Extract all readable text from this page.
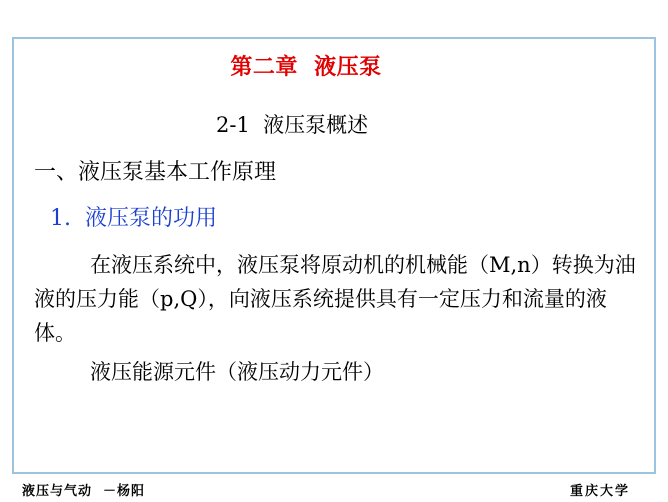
第二章  液压泵
2-1  液压泵概述
一、液压泵基本工作原理
1. 液压泵的功用
在液压系统中，液压泵将原动机的机械能（M,n）转换为油液的压力能（p,Q），向液压系统提供具有一定压力和流量的液体。
液压能源元件（液压动力元件）
液压与气动  －杨阳	重庆大学
